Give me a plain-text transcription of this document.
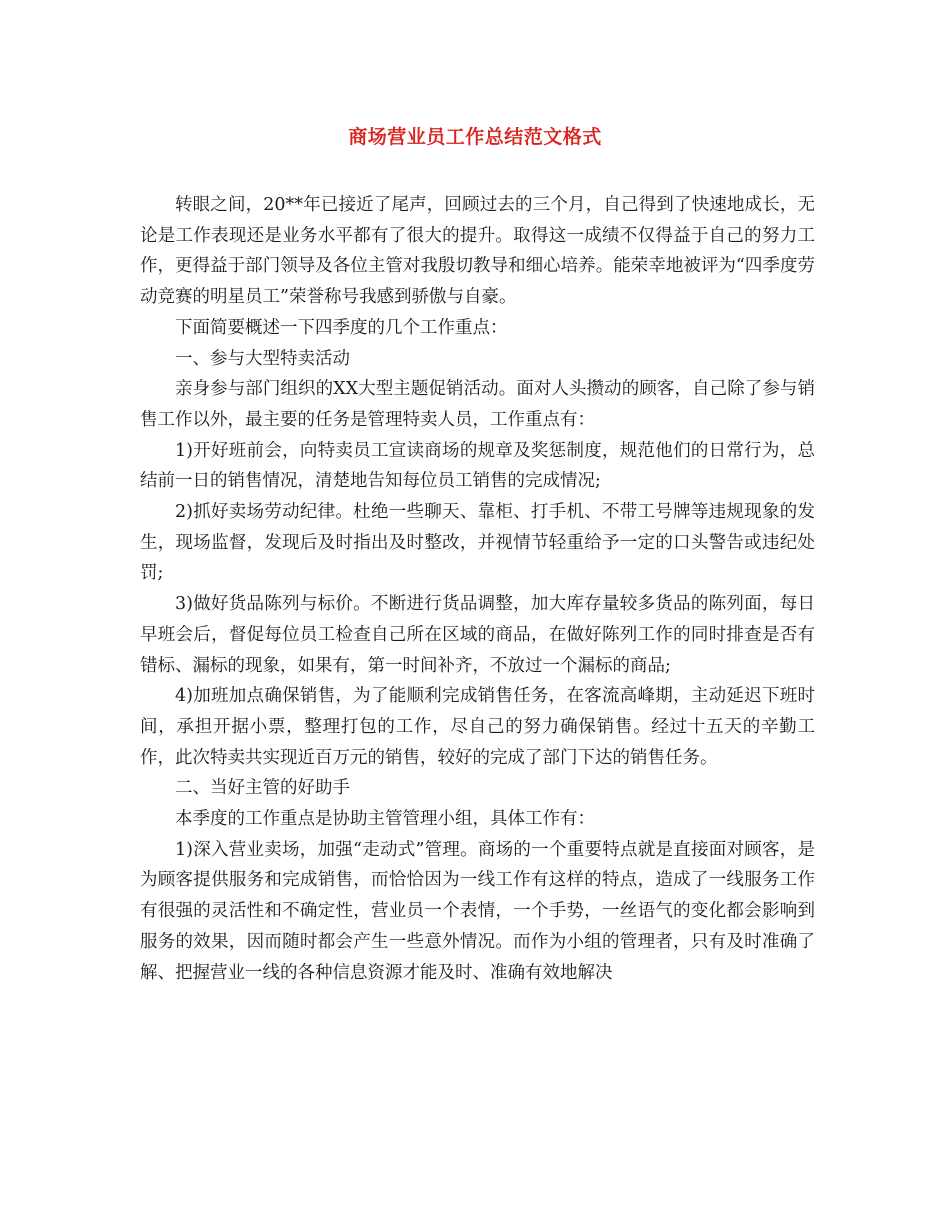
商场营业员工作总结范文格式

转眼之间，20**年已接近了尾声，回顾过去的三个月，自己得到了快速地成长，无论是工作表现还是业务水平都有了很大的提升。取得这一成绩不仅得益于自己的努力工作，更得益于部门领导及各位主管对我殷切教导和细心培养。能荣幸地被评为“四季度劳动竞赛的明星员工”荣誉称号我感到骄傲与自豪。

下面简要概述一下四季度的几个工作重点：

一、参与大型特卖活动

亲身参与部门组织的XX大型主题促销活动。面对人头攒动的顾客，自己除了参与销售工作以外，最主要的任务是管理特卖人员，工作重点有：

1)开好班前会，向特卖员工宣读商场的规章及奖惩制度，规范他们的日常行为，总结前一日的销售情况，清楚地告知每位员工销售的完成情况;

2)抓好卖场劳动纪律。杜绝一些聊天、靠柜、打手机、不带工号牌等违规现象的发生，现场监督，发现后及时指出及时整改，并视情节轻重给予一定的口头警告或违纪处罚;

3)做好货品陈列与标价。不断进行货品调整，加大库存量较多货品的陈列面，每日早班会后，督促每位员工检查自己所在区域的商品，在做好陈列工作的同时排查是否有错标、漏标的现象，如果有，第一时间补齐，不放过一个漏标的商品;

4)加班加点确保销售，为了能顺利完成销售任务，在客流高峰期，主动延迟下班时间，承担开据小票，整理打包的工作，尽自己的努力确保销售。经过十五天的辛勤工作，此次特卖共实现近百万元的销售，较好的完成了部门下达的销售任务。

二、当好主管的好助手

本季度的工作重点是协助主管管理小组，具体工作有：

1)深入营业卖场，加强“走动式”管理。商场的一个重要特点就是直接面对顾客，是为顾客提供服务和完成销售，而恰恰因为一线工作有这样的特点，造成了一线服务工作有很强的灵活性和不确定性，营业员一个表情，一个手势，一丝语气的变化都会影响到服务的效果，因而随时都会产生一些意外情况。而作为小组的管理者，只有及时准确了解、把握营业一线的各种信息资源才能及时、准确有效地解决
